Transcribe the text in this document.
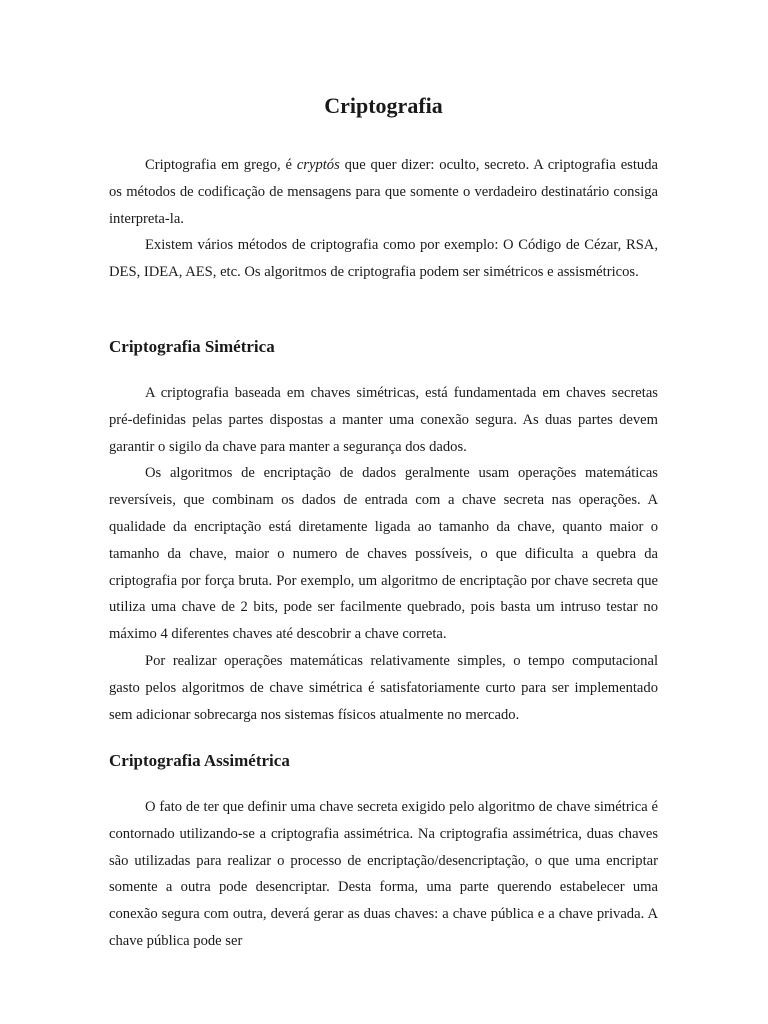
Criptografia

Criptografia em grego, é cryptós que quer dizer: oculto, secreto. A criptografia estuda os métodos de codificação de mensagens para que somente o verdadeiro destinatário consiga interpreta-la.

Existem vários métodos de criptografia como por exemplo: O Código de Cézar, RSA, DES, IDEA, AES, etc. Os algoritmos de criptografia podem ser simétricos e assismétricos.

Criptografia Simétrica

A criptografia baseada em chaves simétricas, está fundamentada em chaves secretas pré-definidas pelas partes dispostas a manter uma conexão segura. As duas partes devem garantir o sigilo da chave para manter a segurança dos dados.

Os algoritmos de encriptação de dados geralmente usam operações matemáticas reversíveis, que combinam os dados de entrada com a chave secreta nas operações. A qualidade da encriptação está diretamente ligada ao tamanho da chave, quanto maior o tamanho da chave, maior o numero de chaves possíveis, o que dificulta a quebra da criptografia por força bruta. Por exemplo, um algoritmo de encriptação por chave secreta que utiliza uma chave de 2 bits, pode ser facilmente quebrado, pois basta um intruso testar no máximo 4 diferentes chaves até descobrir a chave correta.

Por realizar operações matemáticas relativamente simples, o tempo computacional gasto pelos algoritmos de chave simétrica é satisfatoriamente curto para ser implementado sem adicionar sobrecarga nos sistemas físicos atualmente no mercado.

Criptografia Assimétrica

O fato de ter que definir uma chave secreta exigido pelo algoritmo de chave simétrica é contornado utilizando-se a criptografia assimétrica. Na criptografia assimétrica, duas chaves são utilizadas para realizar o processo de encriptação/desencriptação, o que uma encriptar somente a outra pode desencriptar. Desta forma, uma parte querendo estabelecer uma conexão segura com outra, deverá gerar as duas chaves: a chave pública e a chave privada. A chave pública pode ser
